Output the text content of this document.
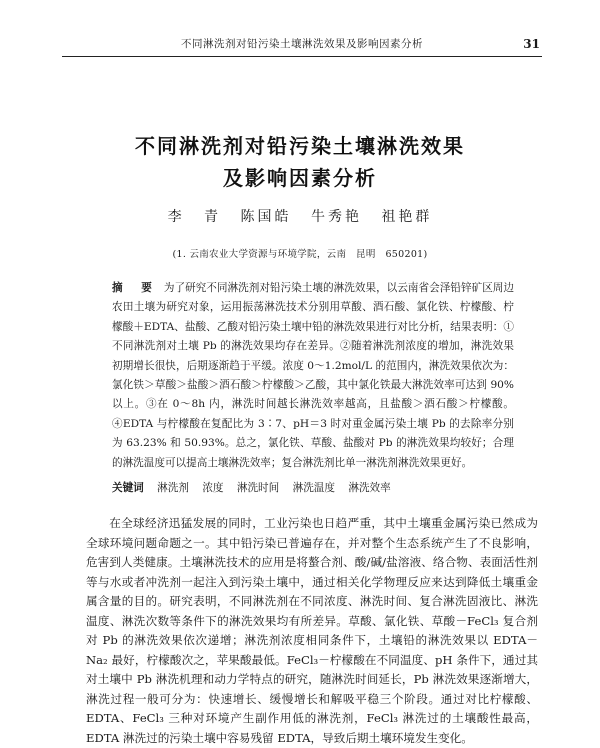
不同淋洗剂对铅污染土壤淋洗效果及影响因素分析	31
不同淋洗剂对铅污染土壤淋洗效果
及影响因素分析
李 青 陈国皓 牛秀艳 祖艳群
(1. 云南农业大学资源与环境学院，云南　昆明　650201)
摘　要 为了研究不同淋洗剂对铅污染土壤的淋洗效果，以云南省会泽铅锌矿区周边农田土壤为研究对象，运用振荡淋洗技术分别用草酸、酒石酸、氯化铁、柠檬酸、柠檬酸＋EDTA、盐酸、乙酸对铅污染土壤中铅的淋洗效果进行对比分析，结果表明：①不同淋洗剂对土壤 Pb 的淋洗效果均存在差异。②随着淋洗剂浓度的增加，淋洗效果初期增长很快，后期逐渐趋于平缓。浓度 0～1.2mol/L 的范围内，淋洗效果依次为：氯化铁＞草酸＞盐酸＞酒石酸＞柠檬酸＞乙酸，其中氯化铁最大淋洗效率可达到 90% 以上。③在 0～8h 内，淋洗时间越长淋洗效率越高，且盐酸＞酒石酸＞柠檬酸。④EDTA 与柠檬酸在复配比为 3∶7、pH＝3 时对重金属污染土壤 Pb 的去除率分别为 63.23% 和 50.93%。总之，氯化铁、草酸、盐酸对 Pb 的淋洗效果均较好；合理的淋洗温度可以提高土壤淋洗效率；复合淋洗剂比单一淋洗剂淋洗效果更好。
关键词 淋洗剂 浓度 淋洗时间 淋洗温度 淋洗效率
在全球经济迅猛发展的同时，工业污染也日趋严重，其中土壤重金属污染已然成为全球环境问题命题之一。其中铅污染已普遍存在，并对整个生态系统产生了不良影响，危害到人类健康。土壤淋洗技术的应用是将螯合剂、酸/碱/盐溶液、络合物、表面活性剂等与水或者冲洗剂一起注入到污染土壤中，通过相关化学物理反应来达到降低土壤重金属含量的目的。研究表明，不同淋洗剂在不同浓度、淋洗时间、复合淋洗固液比、淋洗温度、淋洗次数等条件下的淋洗效果均有所差异。草酸、氯化铁、草酸－FeCl₃ 复合剂对 Pb 的淋洗效果依次递增；淋洗剂浓度相同条件下，土壤铅的淋洗效果以 EDTA－Na₂ 最好，柠檬酸次之，苹果酸最低。FeCl₃－柠檬酸在不同温度、pH 条件下，通过其对土壤中 Pb 淋洗机理和动力学特点的研究，随淋洗时间延长，Pb 淋洗效果逐渐增大，淋洗过程一般可分为：快速增长、缓慢增长和解吸平稳三个阶段。通过对比柠檬酸、EDTA、FeCl₃ 三种对环境产生副作用低的淋洗剂，FeCl₃ 淋洗过的土壤酸性最高，EDTA 淋洗过的污染土壤中容易残留 EDTA，导致后期土壤环境发生变化。
